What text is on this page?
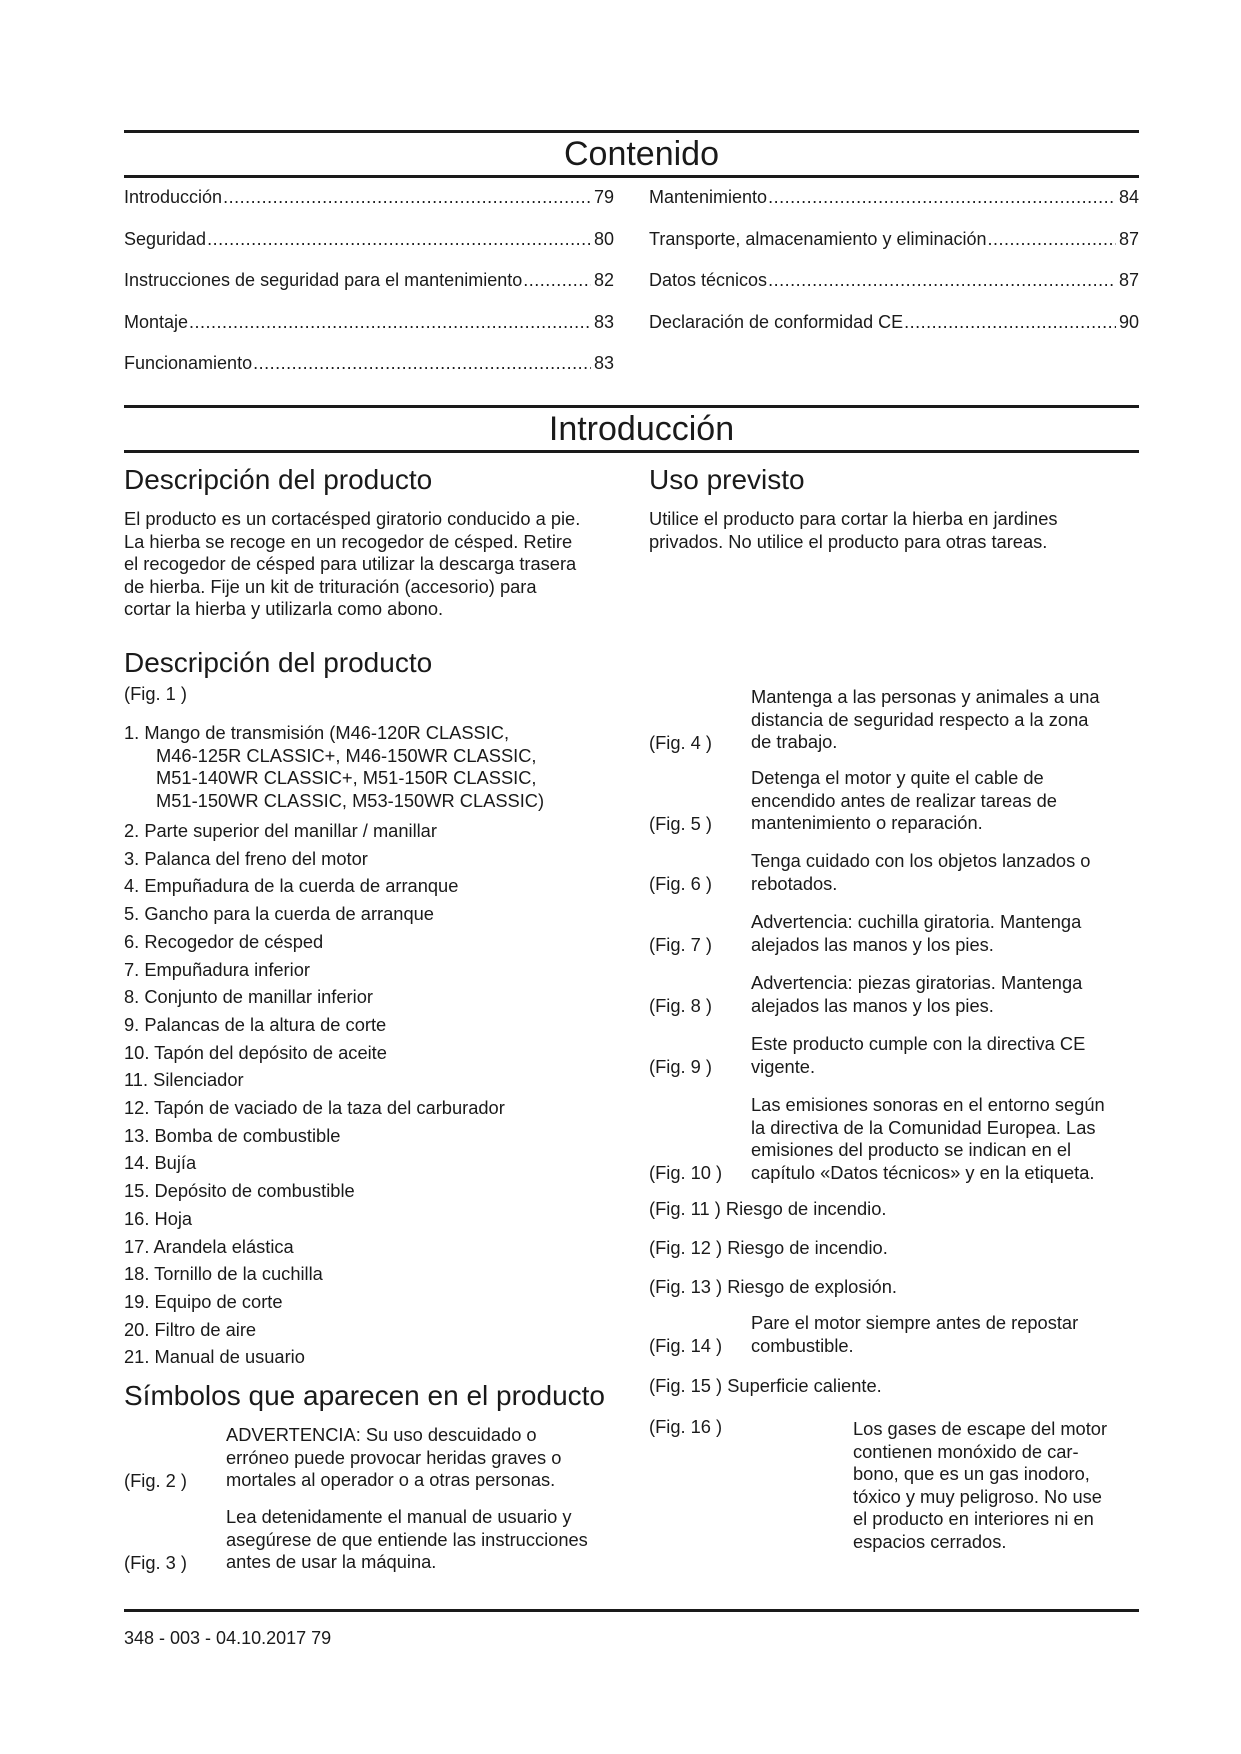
Contenido
Introducción .....	79
Seguridad .....	80
Instrucciones de seguridad para el mantenimiento .....	82
Montaje .....	83
Funcionamiento .....	83
Mantenimiento .....	84
Transporte, almacenamiento y eliminación .....	87
Datos técnicos .....	87
Declaración de conformidad CE .....	90
Introducción
Descripción del producto
El producto es un cortacésped giratorio conducido a pie.
La hierba se recoge en un recogedor de césped. Retire
el recogedor de césped para utilizar la descarga trasera
de hierba. Fije un kit de trituración (accesorio) para
cortar la hierba y utilizarla como abono.
Uso previsto
Utilice el producto para cortar la hierba en jardines
privados. No utilice el producto para otras tareas.
Descripción del producto
(Fig. 1 )
1. Mango de transmisión (M46-120R CLASSIC,
M46-125R CLASSIC+, M46-150WR CLASSIC,
M51-140WR CLASSIC+, M51-150R CLASSIC,
M51-150WR CLASSIC, M53-150WR CLASSIC)
2. Parte superior del manillar / manillar
3. Palanca del freno del motor
4. Empuñadura de la cuerda de arranque
5. Gancho para la cuerda de arranque
6. Recogedor de césped
7. Empuñadura inferior
8. Conjunto de manillar inferior
9. Palancas de la altura de corte
10. Tapón del depósito de aceite
11. Silenciador
12. Tapón de vaciado de la taza del carburador
13. Bomba de combustible
14. Bujía
15. Depósito de combustible
16. Hoja
17. Arandela elástica
18. Tornillo de la cuchilla
19. Equipo de corte
20. Filtro de aire
21. Manual de usuario
Símbolos que aparecen en el producto
(Fig. 2 )
ADVERTENCIA: Su uso descuidado o
erróneo puede provocar heridas graves o
mortales al operador o a otras personas.
(Fig. 3 )
Lea detenidamente el manual de usuario y
asegúrese de que entiende las instrucciones
antes de usar la máquina.
(Fig. 4 )
Mantenga a las personas y animales a una
distancia de seguridad respecto a la zona
de trabajo.
(Fig. 5 )
Detenga el motor y quite el cable de
encendido antes de realizar tareas de
mantenimiento o reparación.
(Fig. 6 )
Tenga cuidado con los objetos lanzados o
rebotados.
(Fig. 7 )
Advertencia: cuchilla giratoria. Mantenga
alejados las manos y los pies.
(Fig. 8 )
Advertencia: piezas giratorias. Mantenga
alejados las manos y los pies.
(Fig. 9 )
Este producto cumple con la directiva CE
vigente.
(Fig. 10 )
Las emisiones sonoras en el entorno según
la directiva de la Comunidad Europea. Las
emisiones del producto se indican en el
capítulo «Datos técnicos» y en la etiqueta.
(Fig. 11 ) Riesgo de incendio.
(Fig. 12 ) Riesgo de incendio.
(Fig. 13 ) Riesgo de explosión.
(Fig. 14 )
Pare el motor siempre antes de repostar
combustible.
(Fig. 15 ) Superficie caliente.
(Fig. 16 )	Los gases de escape del motor
contienen monóxido de car-
bono, que es un gas inodoro,
tóxico y muy peligroso. No use
el producto en interiores ni en
espacios cerrados.
348 - 003 - 04.10.2017 79
